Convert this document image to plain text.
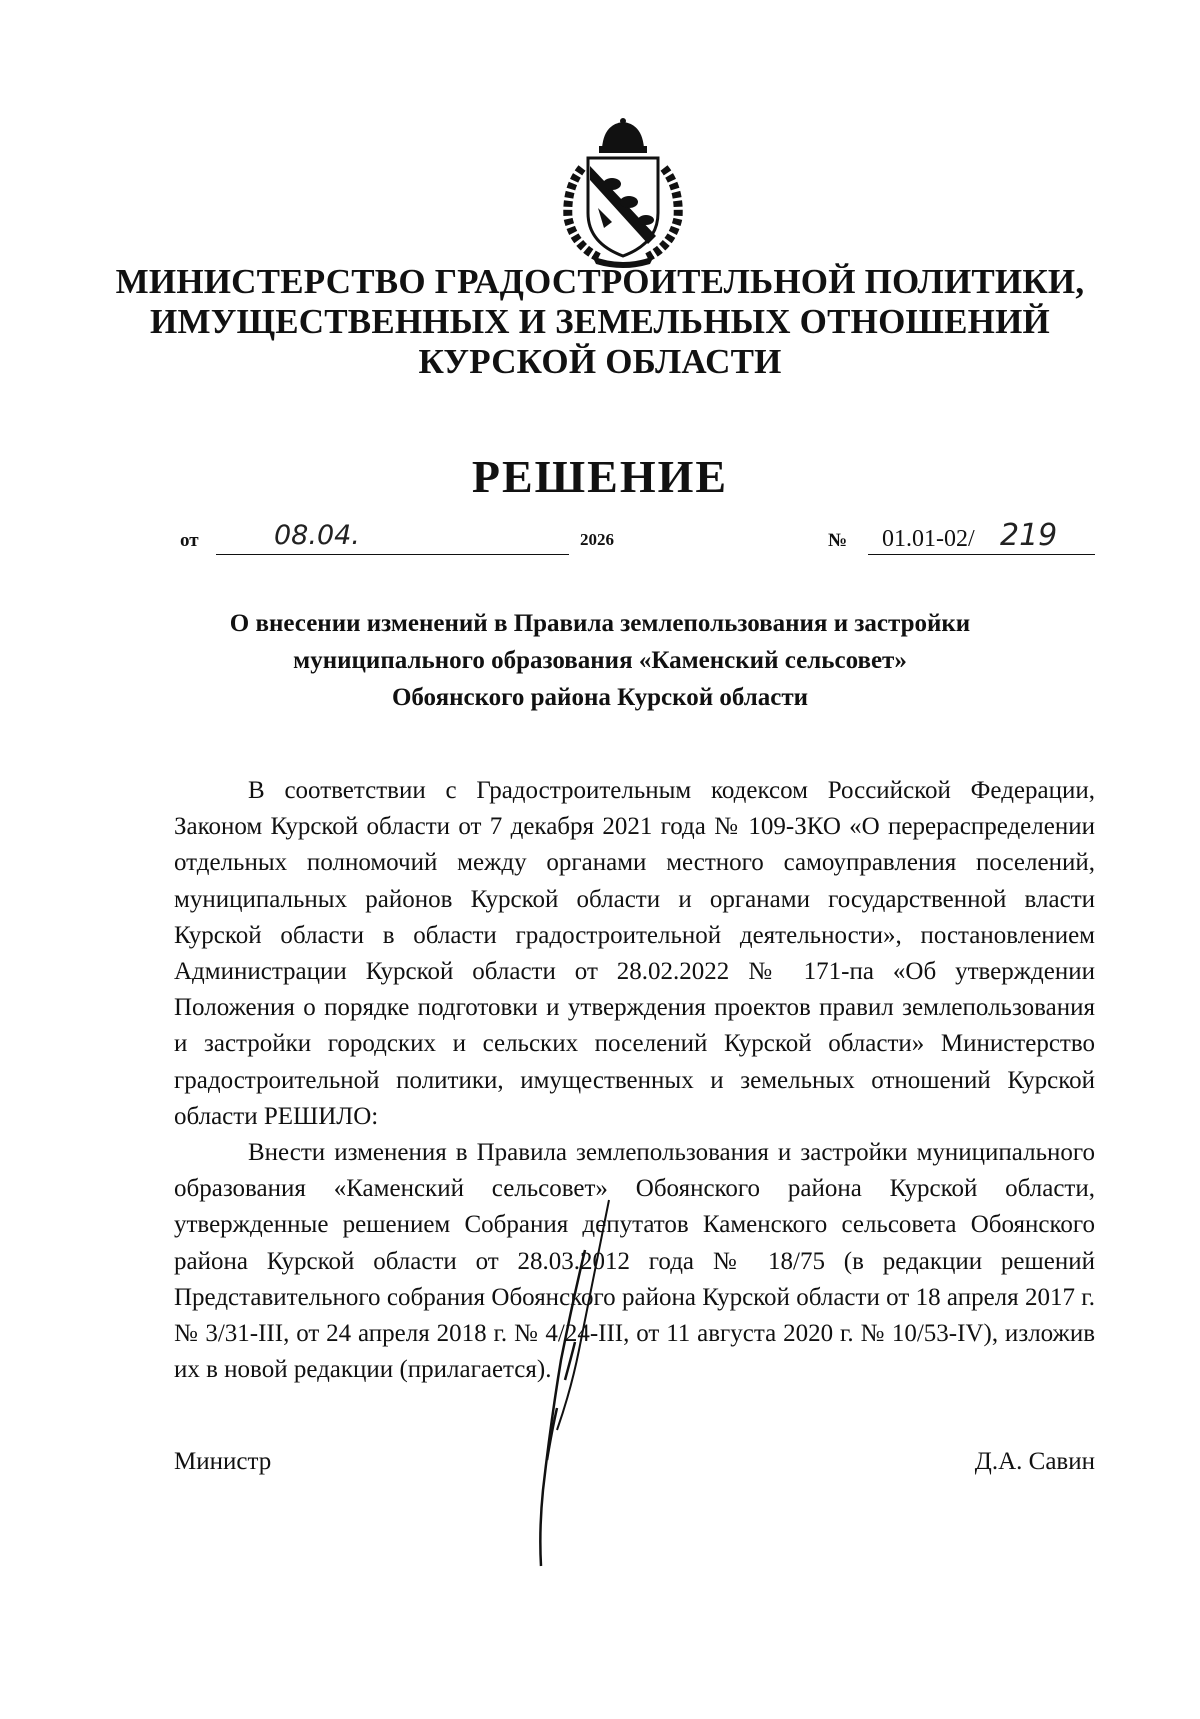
МИНИСТЕРСТВО ГРАДОСТРОИТЕЛЬНОЙ ПОЛИТИКИ,
ИМУЩЕСТВЕННЫХ И ЗЕМЕЛЬНЫХ ОТНОШЕНИЙ
КУРСКОЙ ОБЛАСТИ
РЕШЕНИЕ
от	08.04.	2026	№ 01.01-02/ 219
О внесении изменений в Правила землепользования и застройки
муниципального образования «Каменский сельсовет»
Обоянского района Курской области

В соответствии с Градостроительным кодексом Российской Федерации, Законом Курской области от 7 декабря 2021 года № 109-ЗКО «О перераспределении отдельных полномочий между органами местного самоуправления поселений, муниципальных районов Курской области и органами государственной власти Курской области в области градостроительной деятельности», постановлением Администрации Курской области от 28.02.2022 № 171-па «Об утверждении Положения о порядке подготовки и утверждения проектов правил землепользования и застройки городских и сельских поселений Курской области» Министерство градостроительной политики, имущественных и земельных отношений Курской области РЕШИЛО:

Внести изменения в Правила землепользования и застройки муниципального образования «Каменский сельсовет» Обоянского района Курской области, утвержденные решением Собрания депутатов Каменского сельсовета Обоянского района Курской области от 28.03.2012 года № 18/75 (в редакции решений Представительного собрания Обоянского района Курской области от 18 апреля 2017 г. № 3/31-III, от 24 апреля 2018 г. № 4/24-III, от 11 августа 2020 г. № 10/53-IV), изложив их в новой редакции (прилагается).

Министр	Д.А. Савин
